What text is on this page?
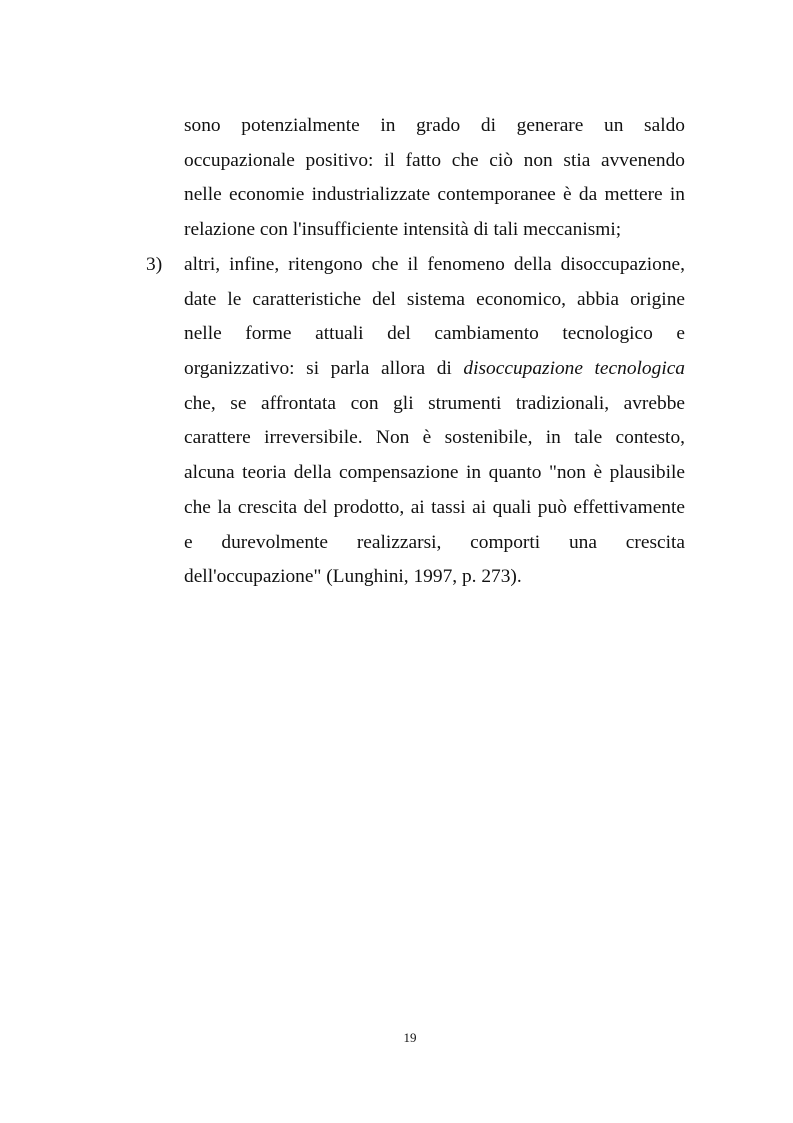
sono potenzialmente in grado di generare un saldo
occupazionale positivo: il fatto che ciò non stia avvenendo
nelle economie industrializzate contemporanee è da mettere in
relazione con l'insufficiente intensità di tali meccanismi;
3) altri, infine, ritengono che il fenomeno della disoccupazione,
date le caratteristiche del sistema economico, abbia origine
nelle forme attuali del cambiamento tecnologico e
organizzativo: si parla allora di disoccupazione tecnologica
che, se affrontata con gli strumenti tradizionali, avrebbe
carattere irreversibile. Non è sostenibile, in tale contesto,
alcuna teoria della compensazione in quanto "non è plausibile
che la crescita del prodotto, ai tassi ai quali può effettivamente
e durevolmente realizzarsi, comporti una crescita
dell'occupazione" (Lunghini, 1997, p. 273).
19
